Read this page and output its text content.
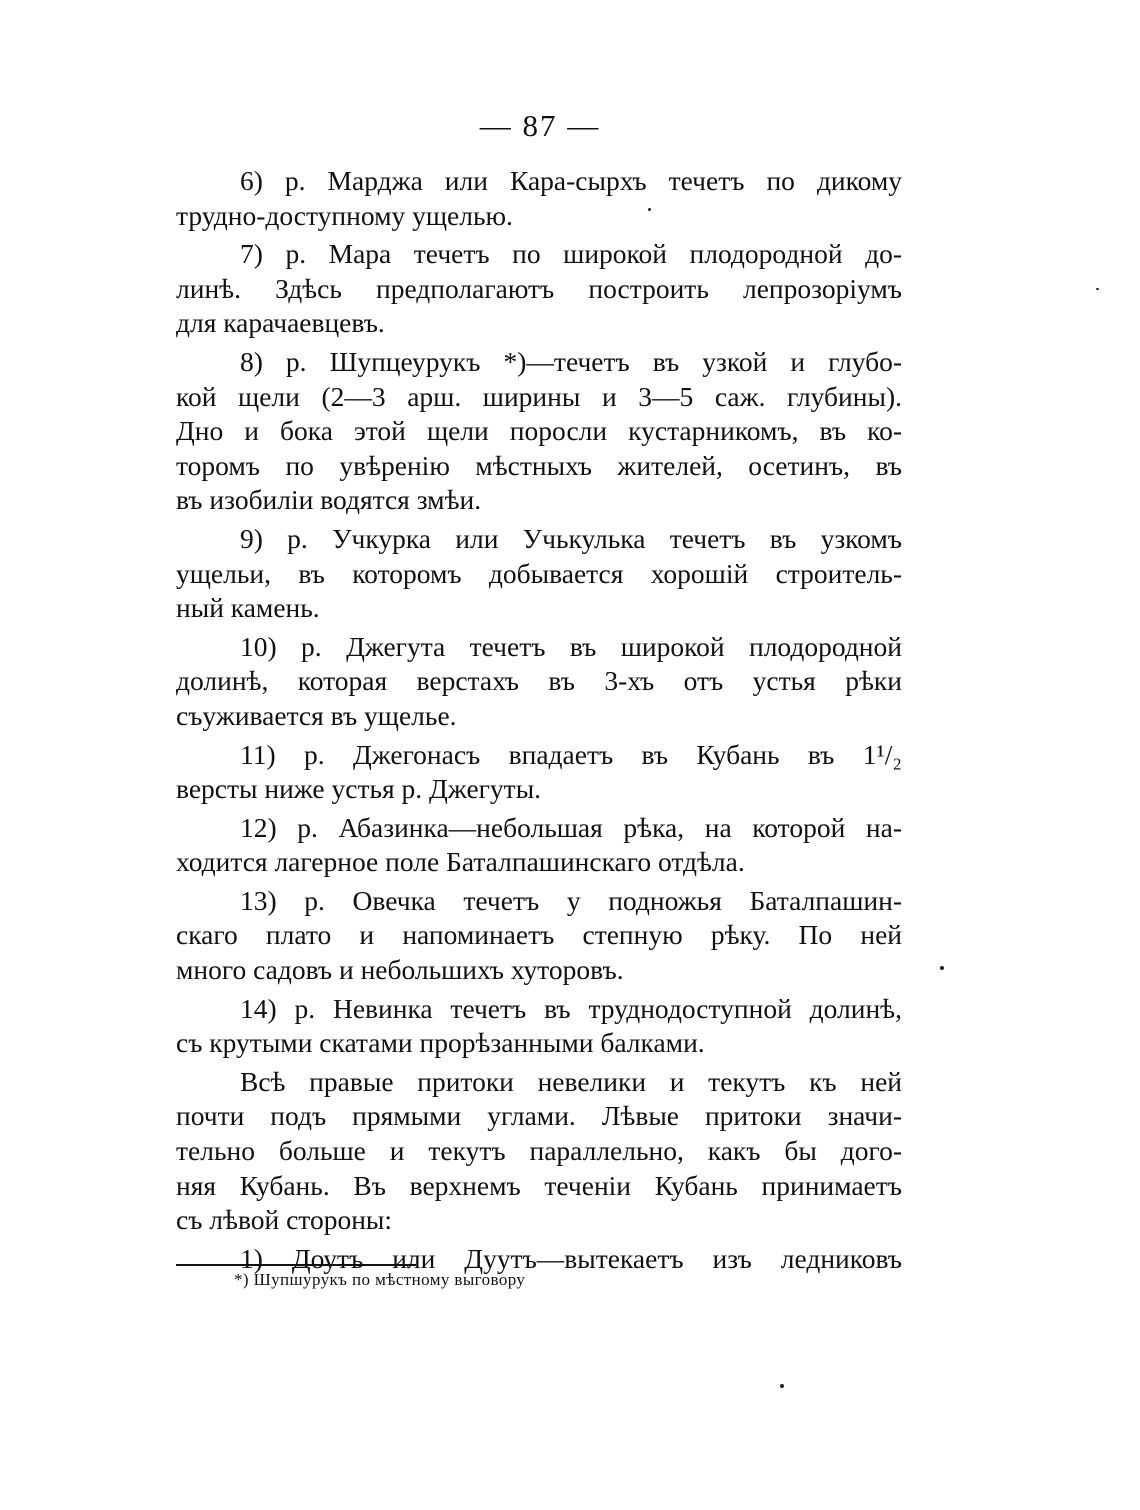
— 87 —

6) р. Марджа или Кара-сырхъ течетъ по дикому
трудно-доступному ущелью.

7) р. Мара течетъ по широкой плодородной до-
линѣ. Здѣсь предполагаютъ построить лепрозоріумъ
для карачаевцевъ.

8) р. Шупцеурукъ *)—течетъ въ узкой и глубо-
кой щели (2—3 арш. ширины и 3—5 саж. глубины).
Дно и бока этой щели поросли кустарникомъ, въ ко-
торомъ по увѣренію мѣстныхъ жителей, осетинъ, въ
въ изобиліи водятся змѣи.

9) р. Учкурка или Учькулька течетъ въ узкомъ
ущельи, въ которомъ добывается хорошій строитель-
ный камень.

10) р. Джегута течетъ въ широкой плодородной
долинѣ, которая верстахъ въ 3-хъ отъ устья рѣки
съуживается въ ущелье.

11) р. Джегонасъ впадаетъ въ Кубань въ 1¹/₂
версты ниже устья р. Джегуты.

12) р. Абазинка—небольшая рѣка, на которой на-
ходится лагерное поле Баталпашинскаго отдѣла.

13) р. Овечка течетъ у подножья Баталпашин-
скаго плато и напоминаетъ степную рѣку. По ней
много садовъ и небольшихъ хуторовъ.

14) р. Невинка течетъ въ труднодоступной долинѣ,
съ крутыми скатами прорѣзанными балками.

Всѣ правые притоки невелики и текутъ къ ней
почти подъ прямыми углами. Лѣвые притоки значи-
тельно больше и текутъ параллельно, какъ бы дого-
няя Кубань. Въ верхнемъ теченіи Кубань принимаетъ
съ лѣвой стороны:

1) Доутъ или Дуутъ—вытекаетъ изъ ледниковъ

*) Шупшурукъ по мѣстному выговору
